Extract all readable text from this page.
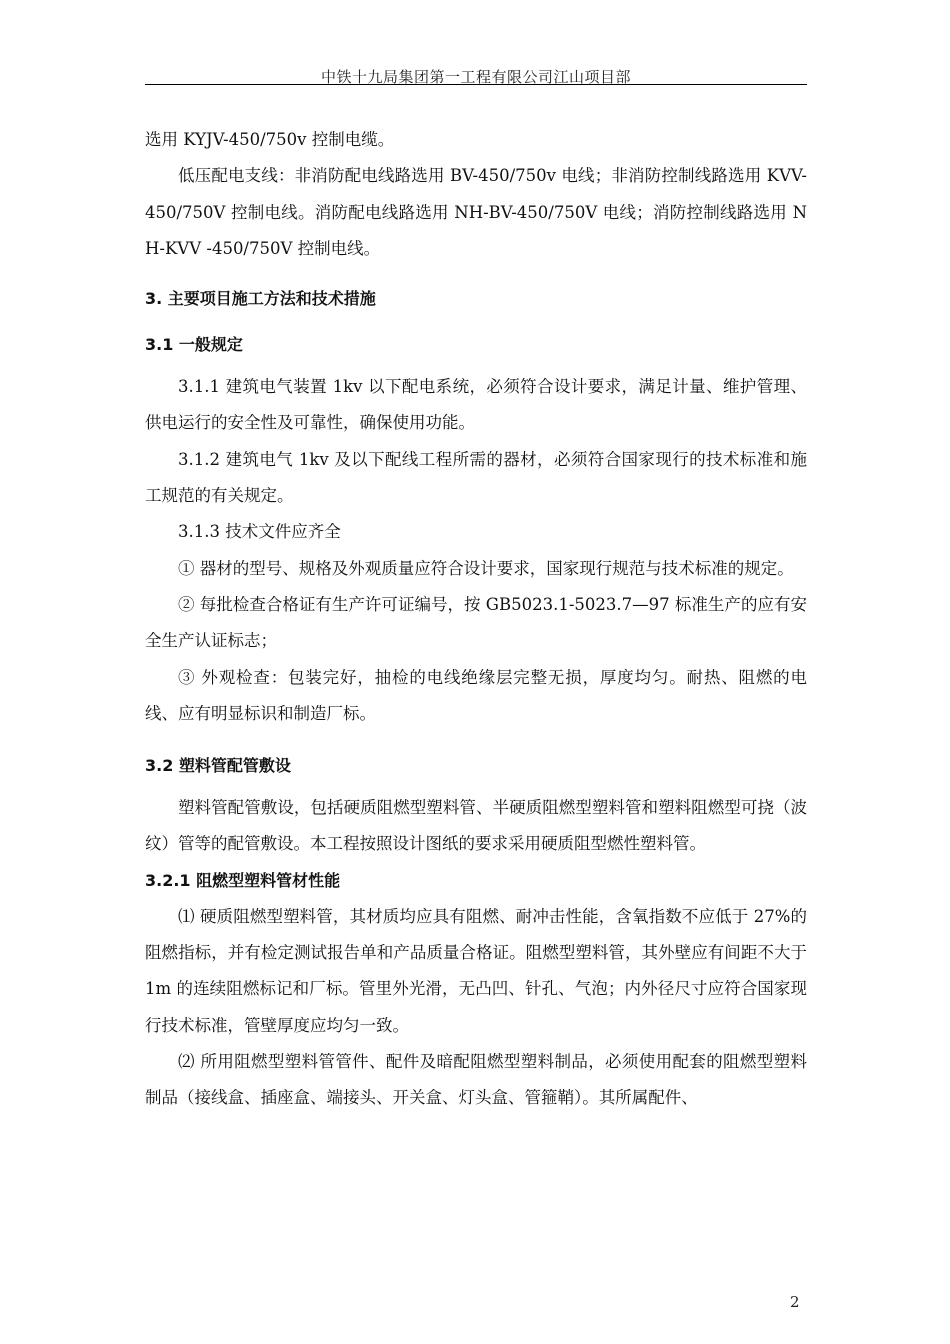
中铁十九局集团第一工程有限公司江山项目部

选用 KYJV-450/750v 控制电缆。

低压配电支线：非消防配电线路选用 BV-450/750v 电线；非消防控制线路选用 KVV-450/750V 控制电线。消防配电线路选用 NH-BV-450/750V 电线；消防控制线路选用 NH-KVV -450/750V 控制电线。

3. 主要项目施工方法和技术措施

3.1 一般规定

3.1.1 建筑电气装置 1kv 以下配电系统，必须符合设计要求，满足计量、维护管理、供电运行的安全性及可靠性，确保使用功能。

3.1.2 建筑电气 1kv 及以下配线工程所需的器材，必须符合国家现行的技术标准和施工规范的有关规定。

3.1.3 技术文件应齐全

① 器材的型号、规格及外观质量应符合设计要求，国家现行规范与技术标准的规定。

② 每批检查合格证有生产许可证编号，按 GB5023.1-5023.7—97 标准生产的应有安全生产认证标志；

③ 外观检查：包装完好，抽检的电线绝缘层完整无损，厚度均匀。耐热、阻燃的电线、应有明显标识和制造厂标。

3.2 塑料管配管敷设

塑料管配管敷设，包括硬质阻燃型塑料管、半硬质阻燃型塑料管和塑料阻燃型可挠（波纹）管等的配管敷设。本工程按照设计图纸的要求采用硬质阻型燃性塑料管。

3.2.1 阻燃型塑料管材性能

⑴ 硬质阻燃型塑料管，其材质均应具有阻燃、耐冲击性能，含氧指数不应低于 27%的阻燃指标，并有检定测试报告单和产品质量合格证。阻燃型塑料管，其外壁应有间距不大于 1m 的连续阻燃标记和厂标。管里外光滑，无凸凹、针孔、气泡；内外径尺寸应符合国家现行技术标准，管壁厚度应均匀一致。

⑵ 所用阻燃型塑料管管件、配件及暗配阻燃型塑料制品，必须使用配套的阻燃型塑料制品（接线盒、插座盒、端接头、开关盒、灯头盒、管箍鞘）。其所属配件、

2
